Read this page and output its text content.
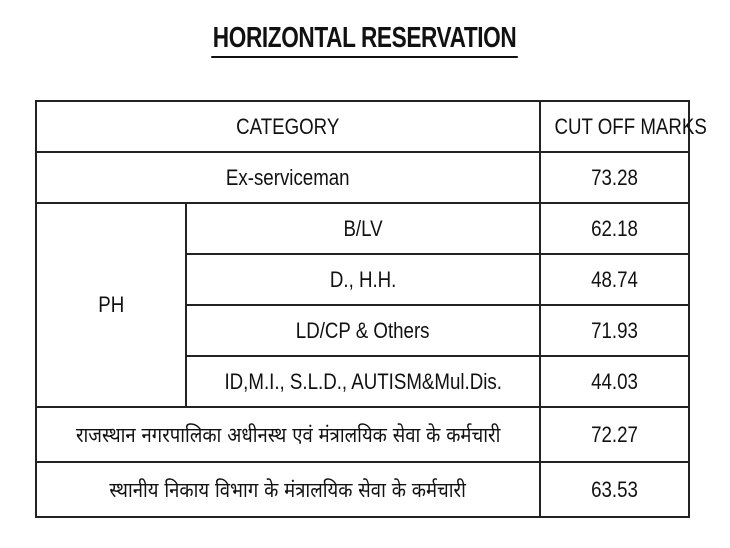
HORIZONTAL RESERVATION
CATEGORY		CUT OFF MARKS
Ex-serviceman		73.28
PH	B/LV	62.18
	D., H.H.	48.74
	LD/CP & Others	71.93
	ID,M.I., S.L.D., AUTISM&Mul.Dis.	44.03
राजस्थान नगरपालिका अधीनस्थ एवं मंत्रालयिक सेवा के कर्मचारी		72.27
स्थानीय निकाय विभाग के मंत्रालयिक सेवा के कर्मचारी		63.53
